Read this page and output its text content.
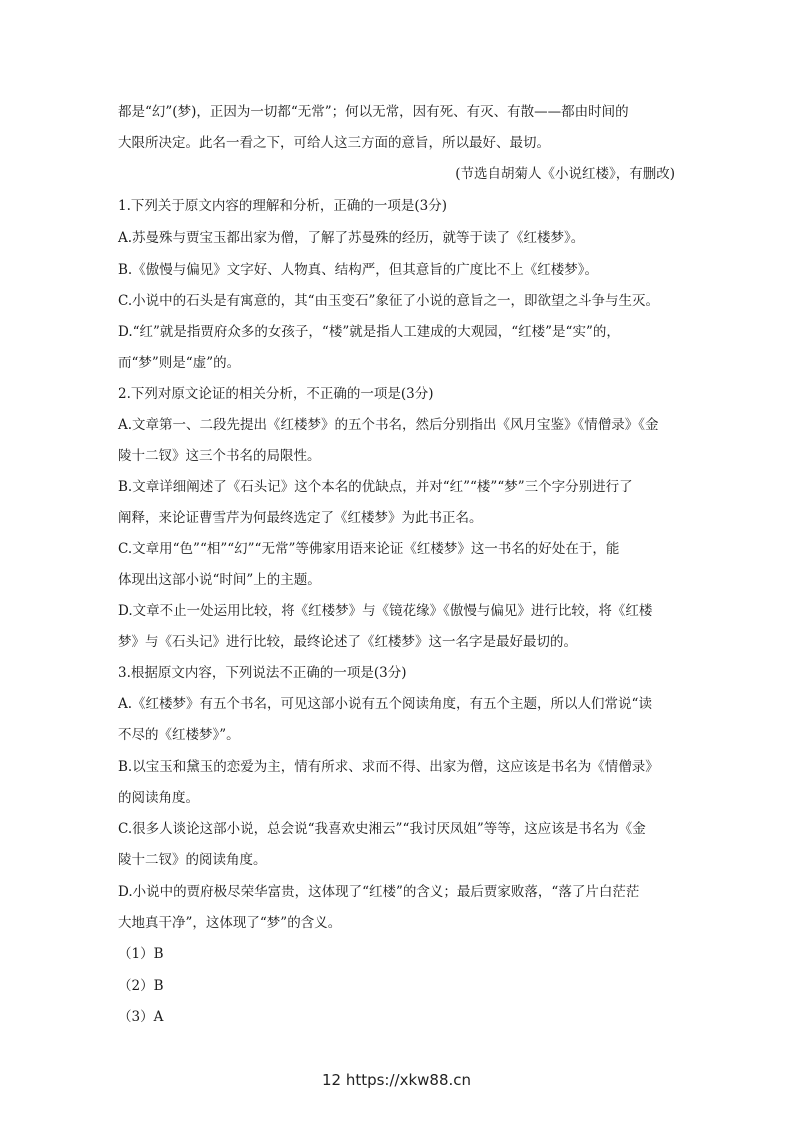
都是“幻”(梦)，正因为一切都“无常”；何以无常，因有死、有灭、有散——都由时间的
大限所决定。此名一看之下，可给人这三方面的意旨，所以最好、最切。
(节选自胡菊人《小说红楼》，有删改)
1.下列关于原文内容的理解和分析，正确的一项是(3分)
A.苏曼殊与贾宝玉都出家为僧，了解了苏曼殊的经历，就等于读了《红楼梦》。
B.《傲慢与偏见》文字好、人物真、结构严，但其意旨的广度比不上《红楼梦》。
C.小说中的石头是有寓意的，其“由玉变石”象征了小说的意旨之一，即欲望之斗争与生灭。
D.“红”就是指贾府众多的女孩子，“楼”就是指人工建成的大观园，“红楼”是“实”的，
而“梦”则是“虚”的。
2.下列对原文论证的相关分析，不正确的一项是(3分)
A.文章第一、二段先提出《红楼梦》的五个书名，然后分别指出《风月宝鉴》《情僧录》《金
陵十二钗》这三个书名的局限性。
B.文章详细阐述了《石头记》这个本名的优缺点，并对“红”“楼”“梦”三个字分别进行了
阐释，来论证曹雪芹为何最终选定了《红楼梦》为此书正名。
C.文章用“色”“相”“幻”“无常”等佛家用语来论证《红楼梦》这一书名的好处在于，能
体现出这部小说“时间”上的主题。
D.文章不止一处运用比较，将《红楼梦》与《镜花缘》《傲慢与偏见》进行比较，将《红楼
梦》与《石头记》进行比较，最终论述了《红楼梦》这一名字是最好最切的。
3.根据原文内容，下列说法不正确的一项是(3分)
A.《红楼梦》有五个书名，可见这部小说有五个阅读角度，有五个主题，所以人们常说“读
不尽的《红楼梦》”。
B.以宝玉和黛玉的恋爱为主，情有所求、求而不得、出家为僧，这应该是书名为《情僧录》
的阅读角度。
C.很多人谈论这部小说，总会说“我喜欢史湘云”“我讨厌凤姐”等等，这应该是书名为《金
陵十二钗》的阅读角度。
D.小说中的贾府极尽荣华富贵，这体现了“红楼”的含义；最后贾家败落，“落了片白茫茫
大地真干净”，这体现了“梦”的含义。
（1）B
（2）B
（3）A
12 https://xkw88.cn
